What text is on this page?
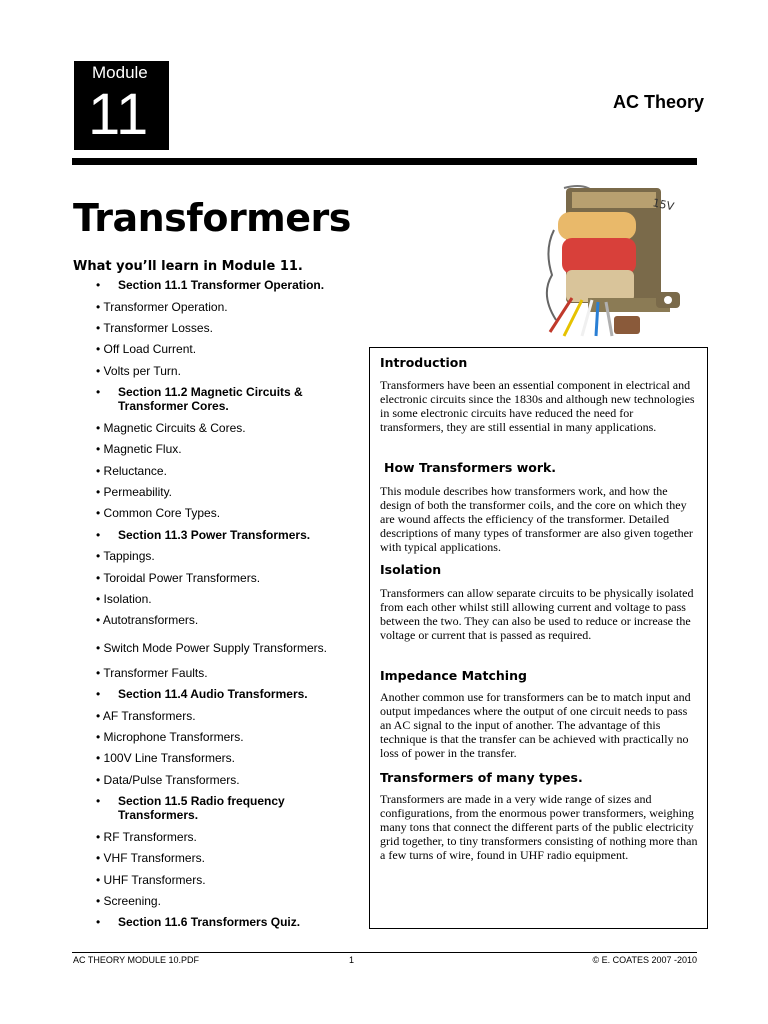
Module
11	AC Theory
Transformers
What you’ll learn in Module 11.
• Section 11.1 Transformer Operation.
• Transformer Operation.
• Transformer Losses.
• Off Load Current.
• Volts per Turn.
• Section 11.2 Magnetic Circuits & Transformer Cores.
• Magnetic Circuits & Cores.
• Magnetic Flux.
• Reluctance.
• Permeability.
• Common Core Types.
• Section 11.3 Power Transformers.
• Tappings.
• Toroidal Power Transformers.
• Isolation.
• Autotransformers.
• Switch Mode Power Supply Transformers.
• Transformer Faults.
• Section 11.4 Audio Transformers.
• AF Transformers.
• Microphone Transformers.
• 100V Line Transformers.
• Data/Pulse Transformers.
• Section 11.5 Radio frequency Transformers.
• RF Transformers.
• VHF Transformers.
• UHF Transformers.
• Screening.
• Section 11.6 Transformers Quiz.
15V
Introduction

Transformers have been an essential component in electrical and electronic circuits since the 1830s and although new technologies in some electronic circuits have reduced the need for transformers, they are still essential in many applications.

How Transformers work.

This module describes how transformers work, and how the design of both the transformer coils, and the core on which they are wound affects the efficiency of the transformer. Detailed descriptions of many types of transformer are also given together with typical applications.

Isolation

Transformers can allow separate circuits to be physically isolated from each other whilst still allowing current and voltage to pass between the two. They can also be used to reduce or increase the voltage or current that is passed as required.

Impedance Matching

Another common use for transformers can be to match input and output impedances where the output of one circuit needs to pass an AC signal to the input of another. The advantage of this technique is that the transfer can be achieved with practically no loss of power in the transfer.

Transformers of many types.

Transformers are made in a very wide range of sizes and configurations, from the enormous power transformers, weighing many tons that connect the different parts of the public electricity grid together, to tiny transformers consisting of nothing more than a few turns of wire, found in UHF radio equipment.

AC THEORY MODULE 10.PDF	1	© E. COATES 2007 -2010
